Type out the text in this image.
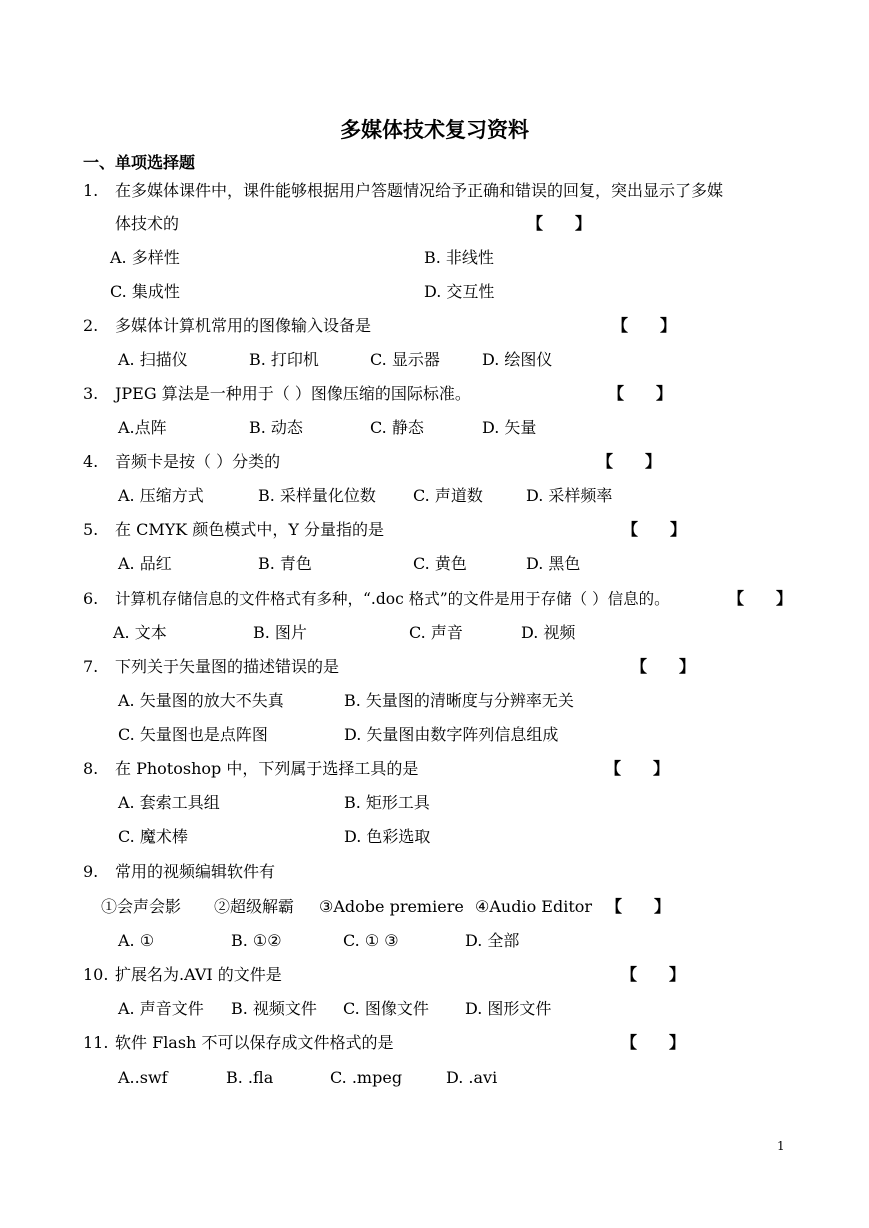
多媒体技术复习资料
一、单项选择题
1. 在多媒体课件中，课件能够根据用户答题情况给予正确和错误的回复，突出显示了多媒
体技术的	【　　】
A. 多样性	B. 非线性
C. 集成性	D. 交互性
2. 多媒体计算机常用的图像输入设备是	【　　】
A. 扫描仪	B. 打印机	C. 显示器	D. 绘图仪
3. JPEG 算法是一种用于（ ）图像压缩的国际标准。	【　　】
A.点阵	B. 动态	C. 静态	D. 矢量
4. 音频卡是按（ ）分类的	【　　】
A. 压缩方式	B. 采样量化位数 C. 声道数	D. 采样频率
5. 在 CMYK 颜色模式中，Y 分量指的是	【　　】
A. 品红	B. 青色	C. 黄色	D. 黑色
6. 计算机存储信息的文件格式有多种，“.doc 格式”的文件是用于存储（ ）信息的。	【　　】
A. 文本	B. 图片	C. 声音	D. 视频
7. 下列关于矢量图的描述错误的是	【　　】
A. 矢量图的放大不失真	B. 矢量图的清晰度与分辨率无关
C. 矢量图也是点阵图	D. 矢量图由数字阵列信息组成
8. 在 Photoshop 中，下列属于选择工具的是	【　　】
A. 套索工具组	B. 矩形工具
C. 魔术棒	D. 色彩选取
9. 常用的视频编辑软件有
①会声会影 ②超级解霸 ③Adobe premiere ④Audio Editor 【　　】
A. ①	B. ①②	C. ① ③	D. 全部
10. 扩展名为.AVI 的文件是	【　　】
A. 声音文件 B. 视频文件 C. 图像文件 D. 图形文件
11. 软件 Flash 不可以保存成文件格式的是	【　　】
A..swf	B. .fla	C. .mpeg	D. .avi
1
